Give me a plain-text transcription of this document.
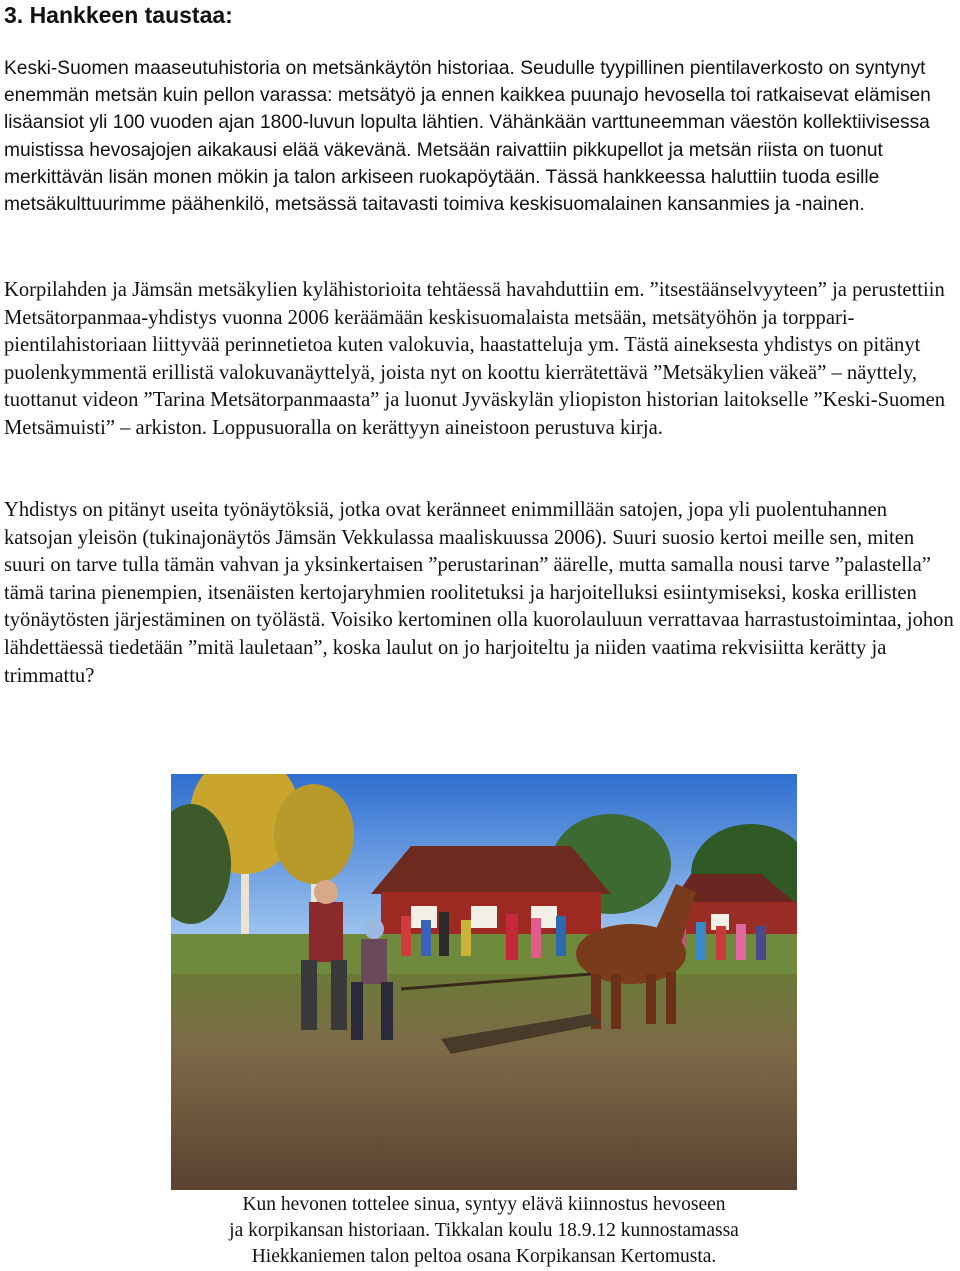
3. Hankkeen taustaa:

Keski-Suomen maaseutuhistoria on metsänkäytön historiaa. Seudulle tyypillinen pientilaverkosto on syntynyt enemmän metsän kuin pellon varassa: metsätyö ja ennen kaikkea puunajo hevosella toi ratkaisevat elämisen lisäansiot yli 100 vuoden ajan 1800-luvun lopulta lähtien. Vähänkään varttuneemman väestön kollektiivisessa muistissa hevosajojen aikakausi elää väkevänä. Metsään raivattiin pikkupellot ja metsän riista on tuonut merkittävän lisän monen mökin ja talon arkiseen ruokapöytään. Tässä hankkeessa haluttiin tuoda esille metsäkulttuurimme päähenkilö, metsässä taitavasti toimiva keskisuomalainen kansanmies ja -nainen.

Korpilahden ja Jämsän metsäkylien kylähistorioita tehtäessä havahduttiin em. ”itsestäänselvyyteen” ja perustettiin Metsätorpanmaa-yhdistys vuonna 2006 keräämään keskisuomalaista metsään, metsätyöhön ja torppari-pientilahistoriaan liittyvää perinnetietoa kuten valokuvia, haastatteluja ym. Tästä aineksesta yhdistys on pitänyt puolenkymmentä erillistä valokuvanäyttelyä, joista nyt on koottu kierrätettävä ”Metsäkylien väkeä” – näyttely, tuottanut videon ”Tarina Metsätorpanmaasta” ja luonut Jyväskylän yliopiston historian laitokselle ”Keski-Suomen Metsämuisti” – arkiston. Loppusuoralla on kerättyyn aineistoon perustuva kirja.

Yhdistys on pitänyt useita työnäytöksiä, jotka ovat keränneet enimmillään satojen, jopa yli puolentuhannen katsojan yleisön (tukinajonäytös Jämsän Vekkulassa maaliskuussa 2006). Suuri suosio kertoi meille sen, miten suuri on tarve tulla tämän vahvan ja yksinkertaisen ”perustarinan” äärelle, mutta samalla nousi tarve ”palastella” tämä tarina pienempien, itsenäisten kertojaryhmien roolitetuksi ja harjoitelluksi esiintymiseksi, koska erillisten työnäytösten järjestäminen on työlästä. Voisiko kertominen olla kuorolauluun verrattavaa harrastustoimintaa, johon lähdettäessä tiedetään ”mitä lauletaan”, koska laulut on jo harjoiteltu ja niiden vaatima rekvisiitta kerätty ja trimmattu?

Kun hevonen tottelee sinua, syntyy elävä kiinnostus hevoseen
ja korpikansan historiaan. Tikkalan koulu 18.9.12 kunnostamassa
Hiekkaniemen talon peltoa osana Korpikansan Kertomusta.
